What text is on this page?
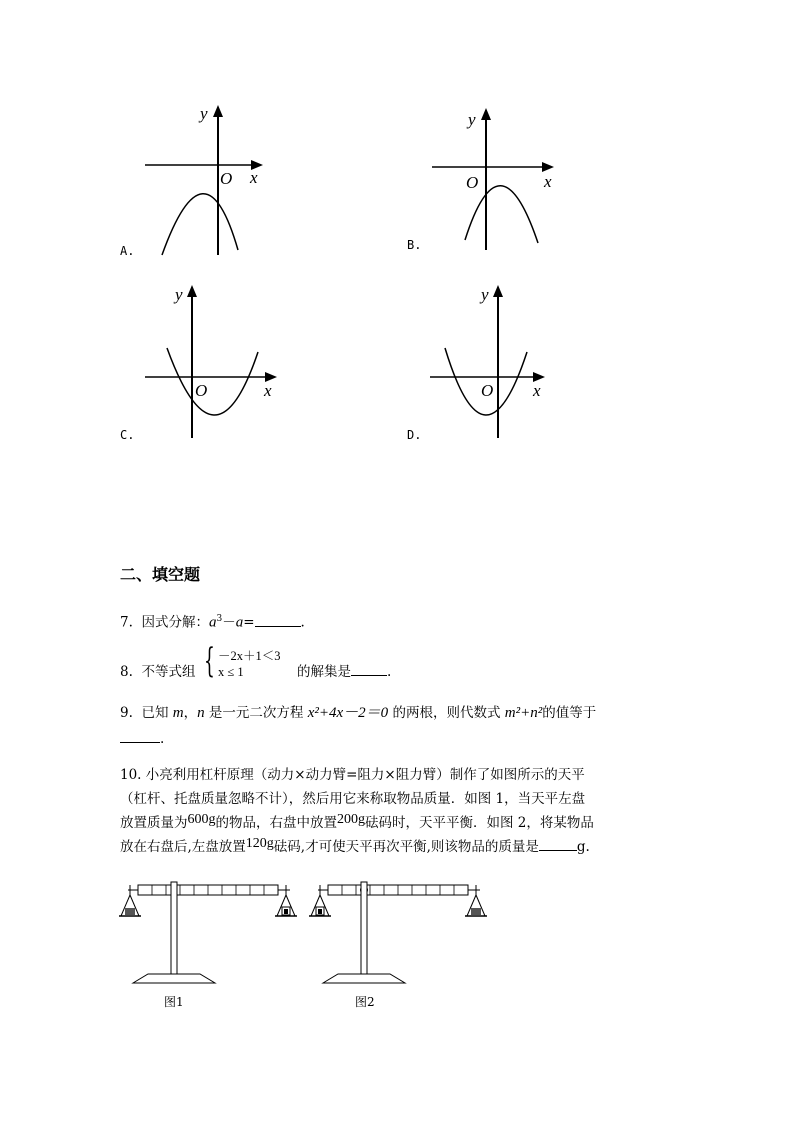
y
O x
A.
y
O	x
B.
y
O	x
C.
y
O x
D.
二、填空题
7. 因式分解：$a^3-a=$	.
8. 不等式组 { －2x＋1＜3
x ≤ 1	的解集是	.
9. 已知 m，n 是一元二次方程 x²+4x－2＝0 的两根，则代数式 m²+n²的值等于
.
10. 小亮利用杠杆原理（动力×动力臂=阻力×阻力臂）制作了如图所示的天平
（杠杆、托盘质量忽略不计），然后用它来称取物品质量．如图 1，当天平左盘
放置质量为600g的物品，右盘中放置200g砝码时，天平平衡．如图 2，将某物品
放在右盘后,左盘放置120g砝码,才可使天平再次平衡,则该物品的质量是	g.
图1	图2
